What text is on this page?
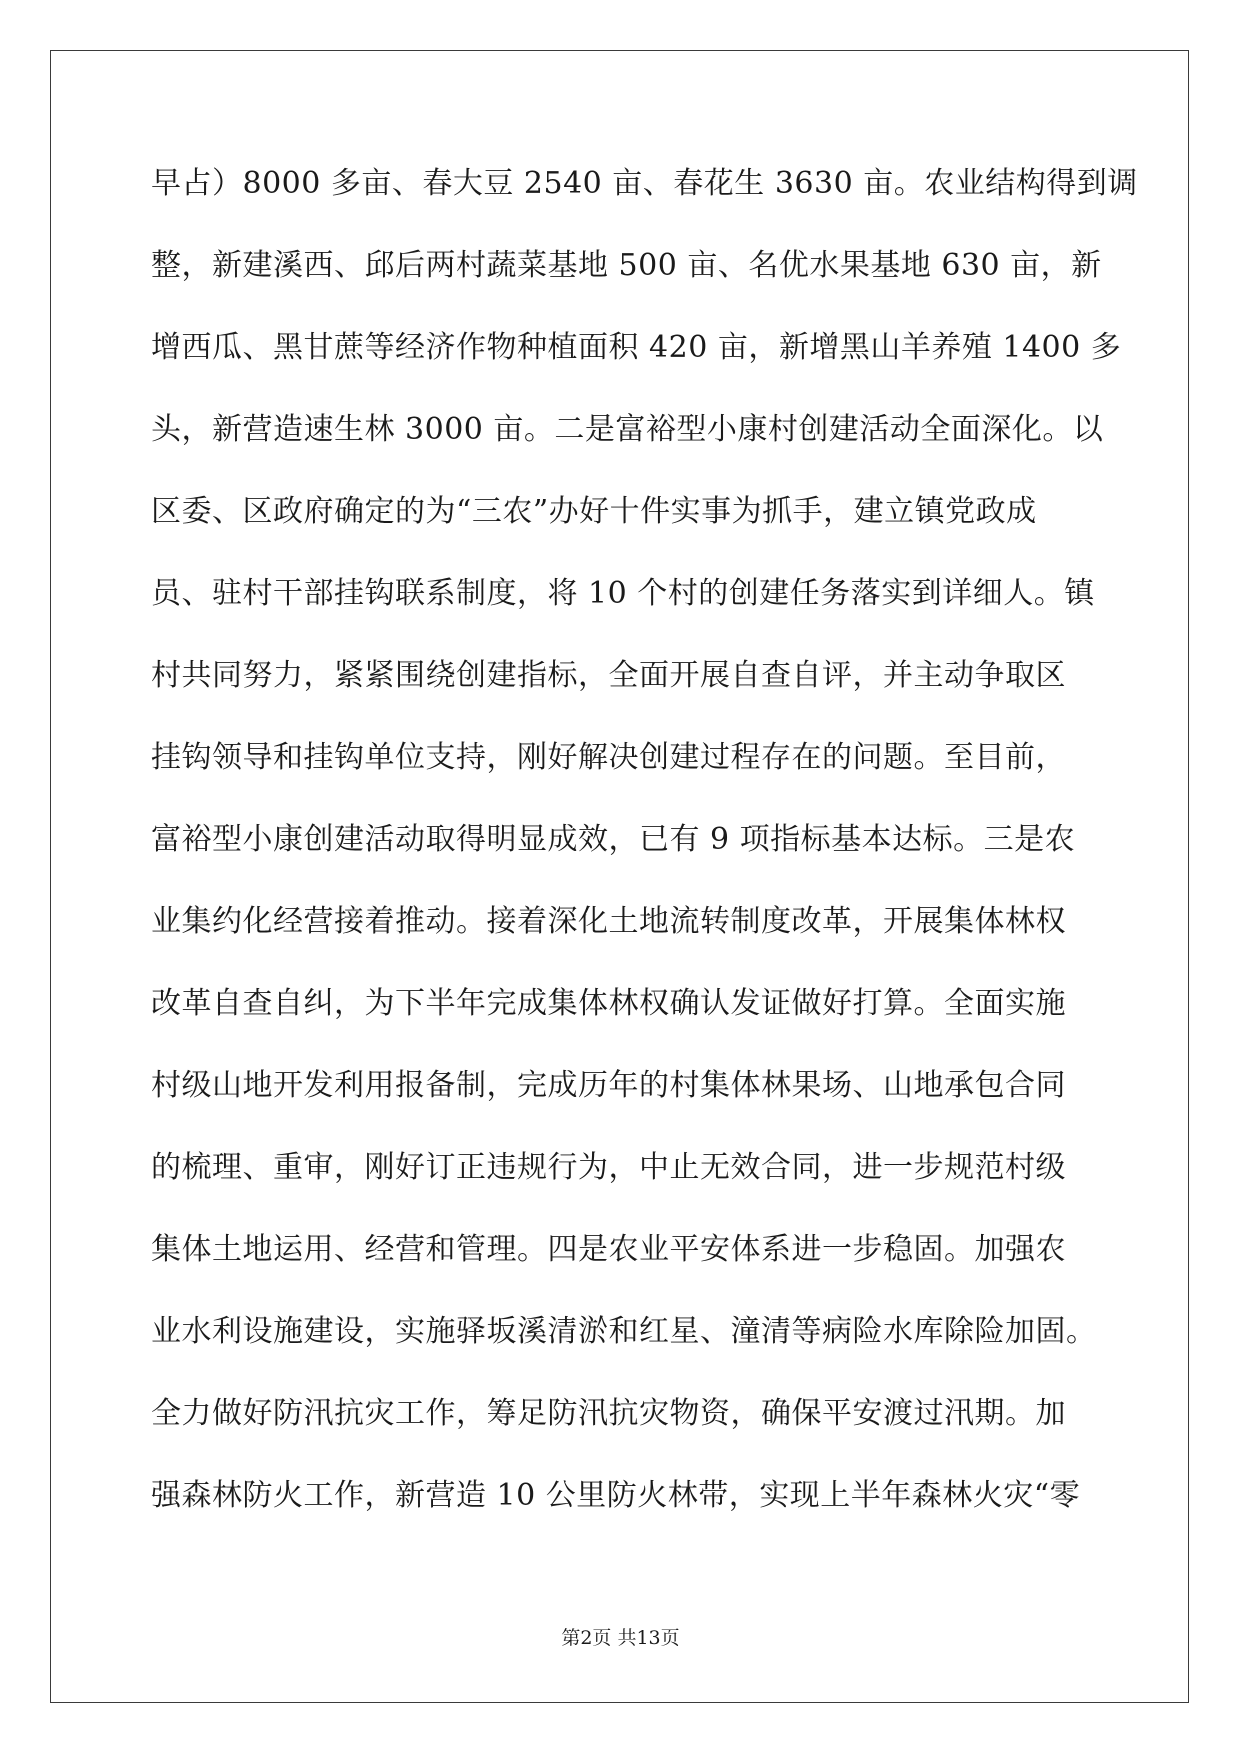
早占）8000 多亩、春大豆 2540 亩、春花生 3630 亩。农业结构得到调
整，新建溪西、邱后两村蔬菜基地 500 亩、名优水果基地 630 亩，新
增西瓜、黑甘蔗等经济作物种植面积 420 亩，新增黑山羊养殖 1400 多
头，新营造速生林 3000 亩。二是富裕型小康村创建活动全面深化。以
区委、区政府确定的为“三农”办好十件实事为抓手，建立镇党政成
员、驻村干部挂钩联系制度，将 10 个村的创建任务落实到详细人。镇
村共同努力，紧紧围绕创建指标，全面开展自查自评，并主动争取区
挂钩领导和挂钩单位支持，刚好解决创建过程存在的问题。至目前，
富裕型小康创建活动取得明显成效，已有 9 项指标基本达标。三是农
业集约化经营接着推动。接着深化土地流转制度改革，开展集体林权
改革自查自纠，为下半年完成集体林权确认发证做好打算。全面实施
村级山地开发利用报备制，完成历年的村集体林果场、山地承包合同
的梳理、重审，刚好订正违规行为，中止无效合同，进一步规范村级
集体土地运用、经营和管理。四是农业平安体系进一步稳固。加强农
业水利设施建设，实施驿坂溪清淤和红星、潼清等病险水库除险加固。
全力做好防汛抗灾工作，筹足防汛抗灾物资，确保平安渡过汛期。加
强森林防火工作，新营造 10 公里防火林带，实现上半年森林火灾“零
第2页 共13页
